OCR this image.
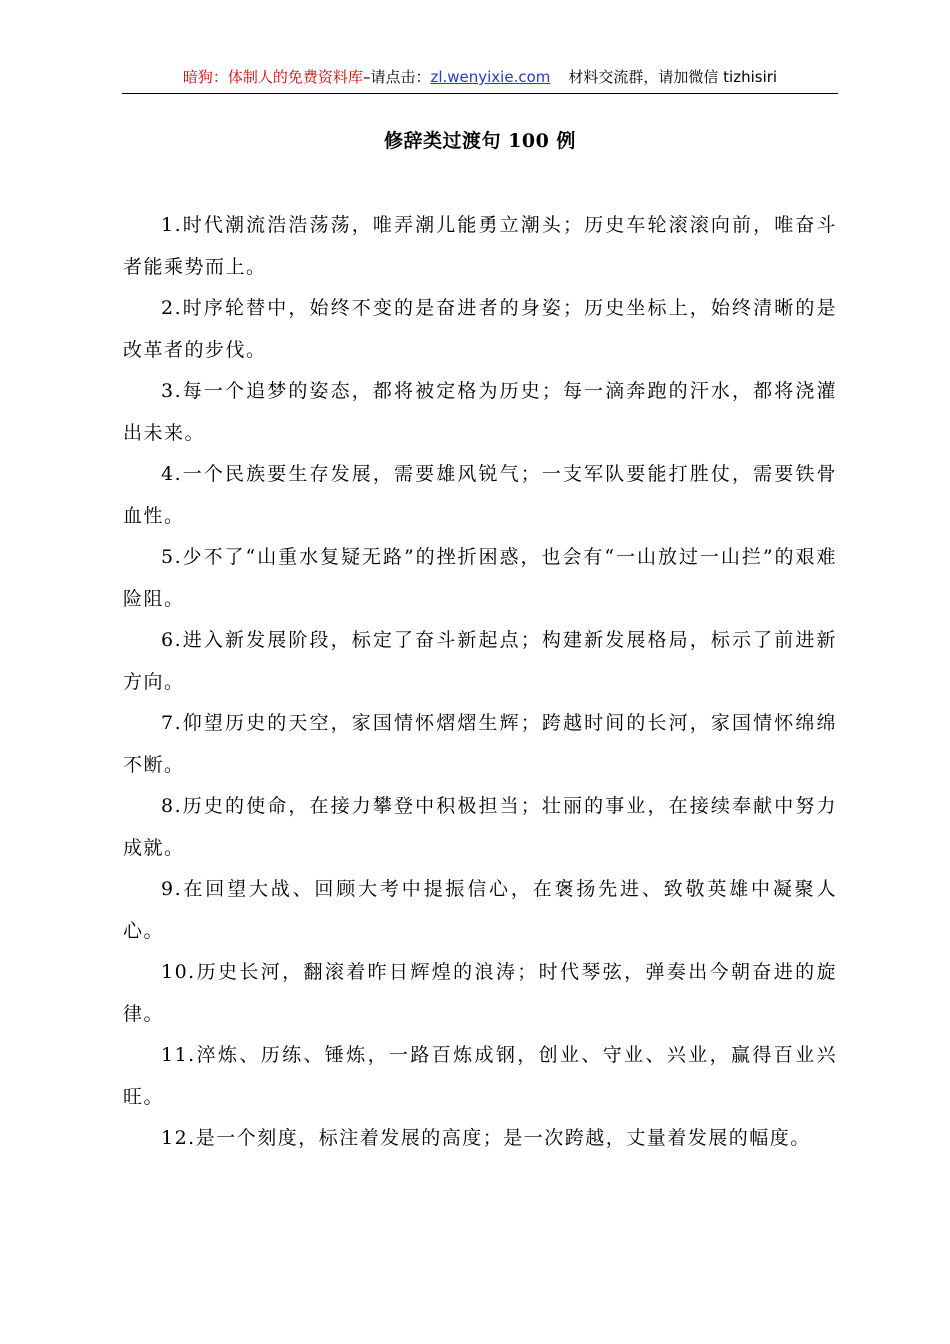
暗狗：体制人的免费资料库–请点击：zl.wenyixie.com 材料交流群，请加微信 tizhisiri
修辞类过渡句 100 例

1.时代潮流浩浩荡荡，唯弄潮儿能勇立潮头；历史车轮滚滚向前，唯奋斗者能乘势而上。

2.时序轮替中，始终不变的是奋进者的身姿；历史坐标上，始终清晰的是改革者的步伐。

3.每一个追梦的姿态，都将被定格为历史；每一滴奔跑的汗水，都将浇灌出未来。

4.一个民族要生存发展，需要雄风锐气；一支军队要能打胜仗，需要铁骨血性。

5.少不了“山重水复疑无路”的挫折困惑，也会有“一山放过一山拦”的艰难险阻。

6.进入新发展阶段，标定了奋斗新起点；构建新发展格局，标示了前进新方向。

7.仰望历史的天空，家国情怀熠熠生辉；跨越时间的长河，家国情怀绵绵不断。

8.历史的使命，在接力攀登中积极担当；壮丽的事业，在接续奉献中努力成就。

9.在回望大战、回顾大考中提振信心，在褒扬先进、致敬英雄中凝聚人心。

10.历史长河，翻滚着昨日辉煌的浪涛；时代琴弦，弹奏出今朝奋进的旋律。

11.淬炼、历练、锤炼，一路百炼成钢，创业、守业、兴业，赢得百业兴旺。

12.是一个刻度，标注着发展的高度；是一次跨越，丈量着发展的幅度。
